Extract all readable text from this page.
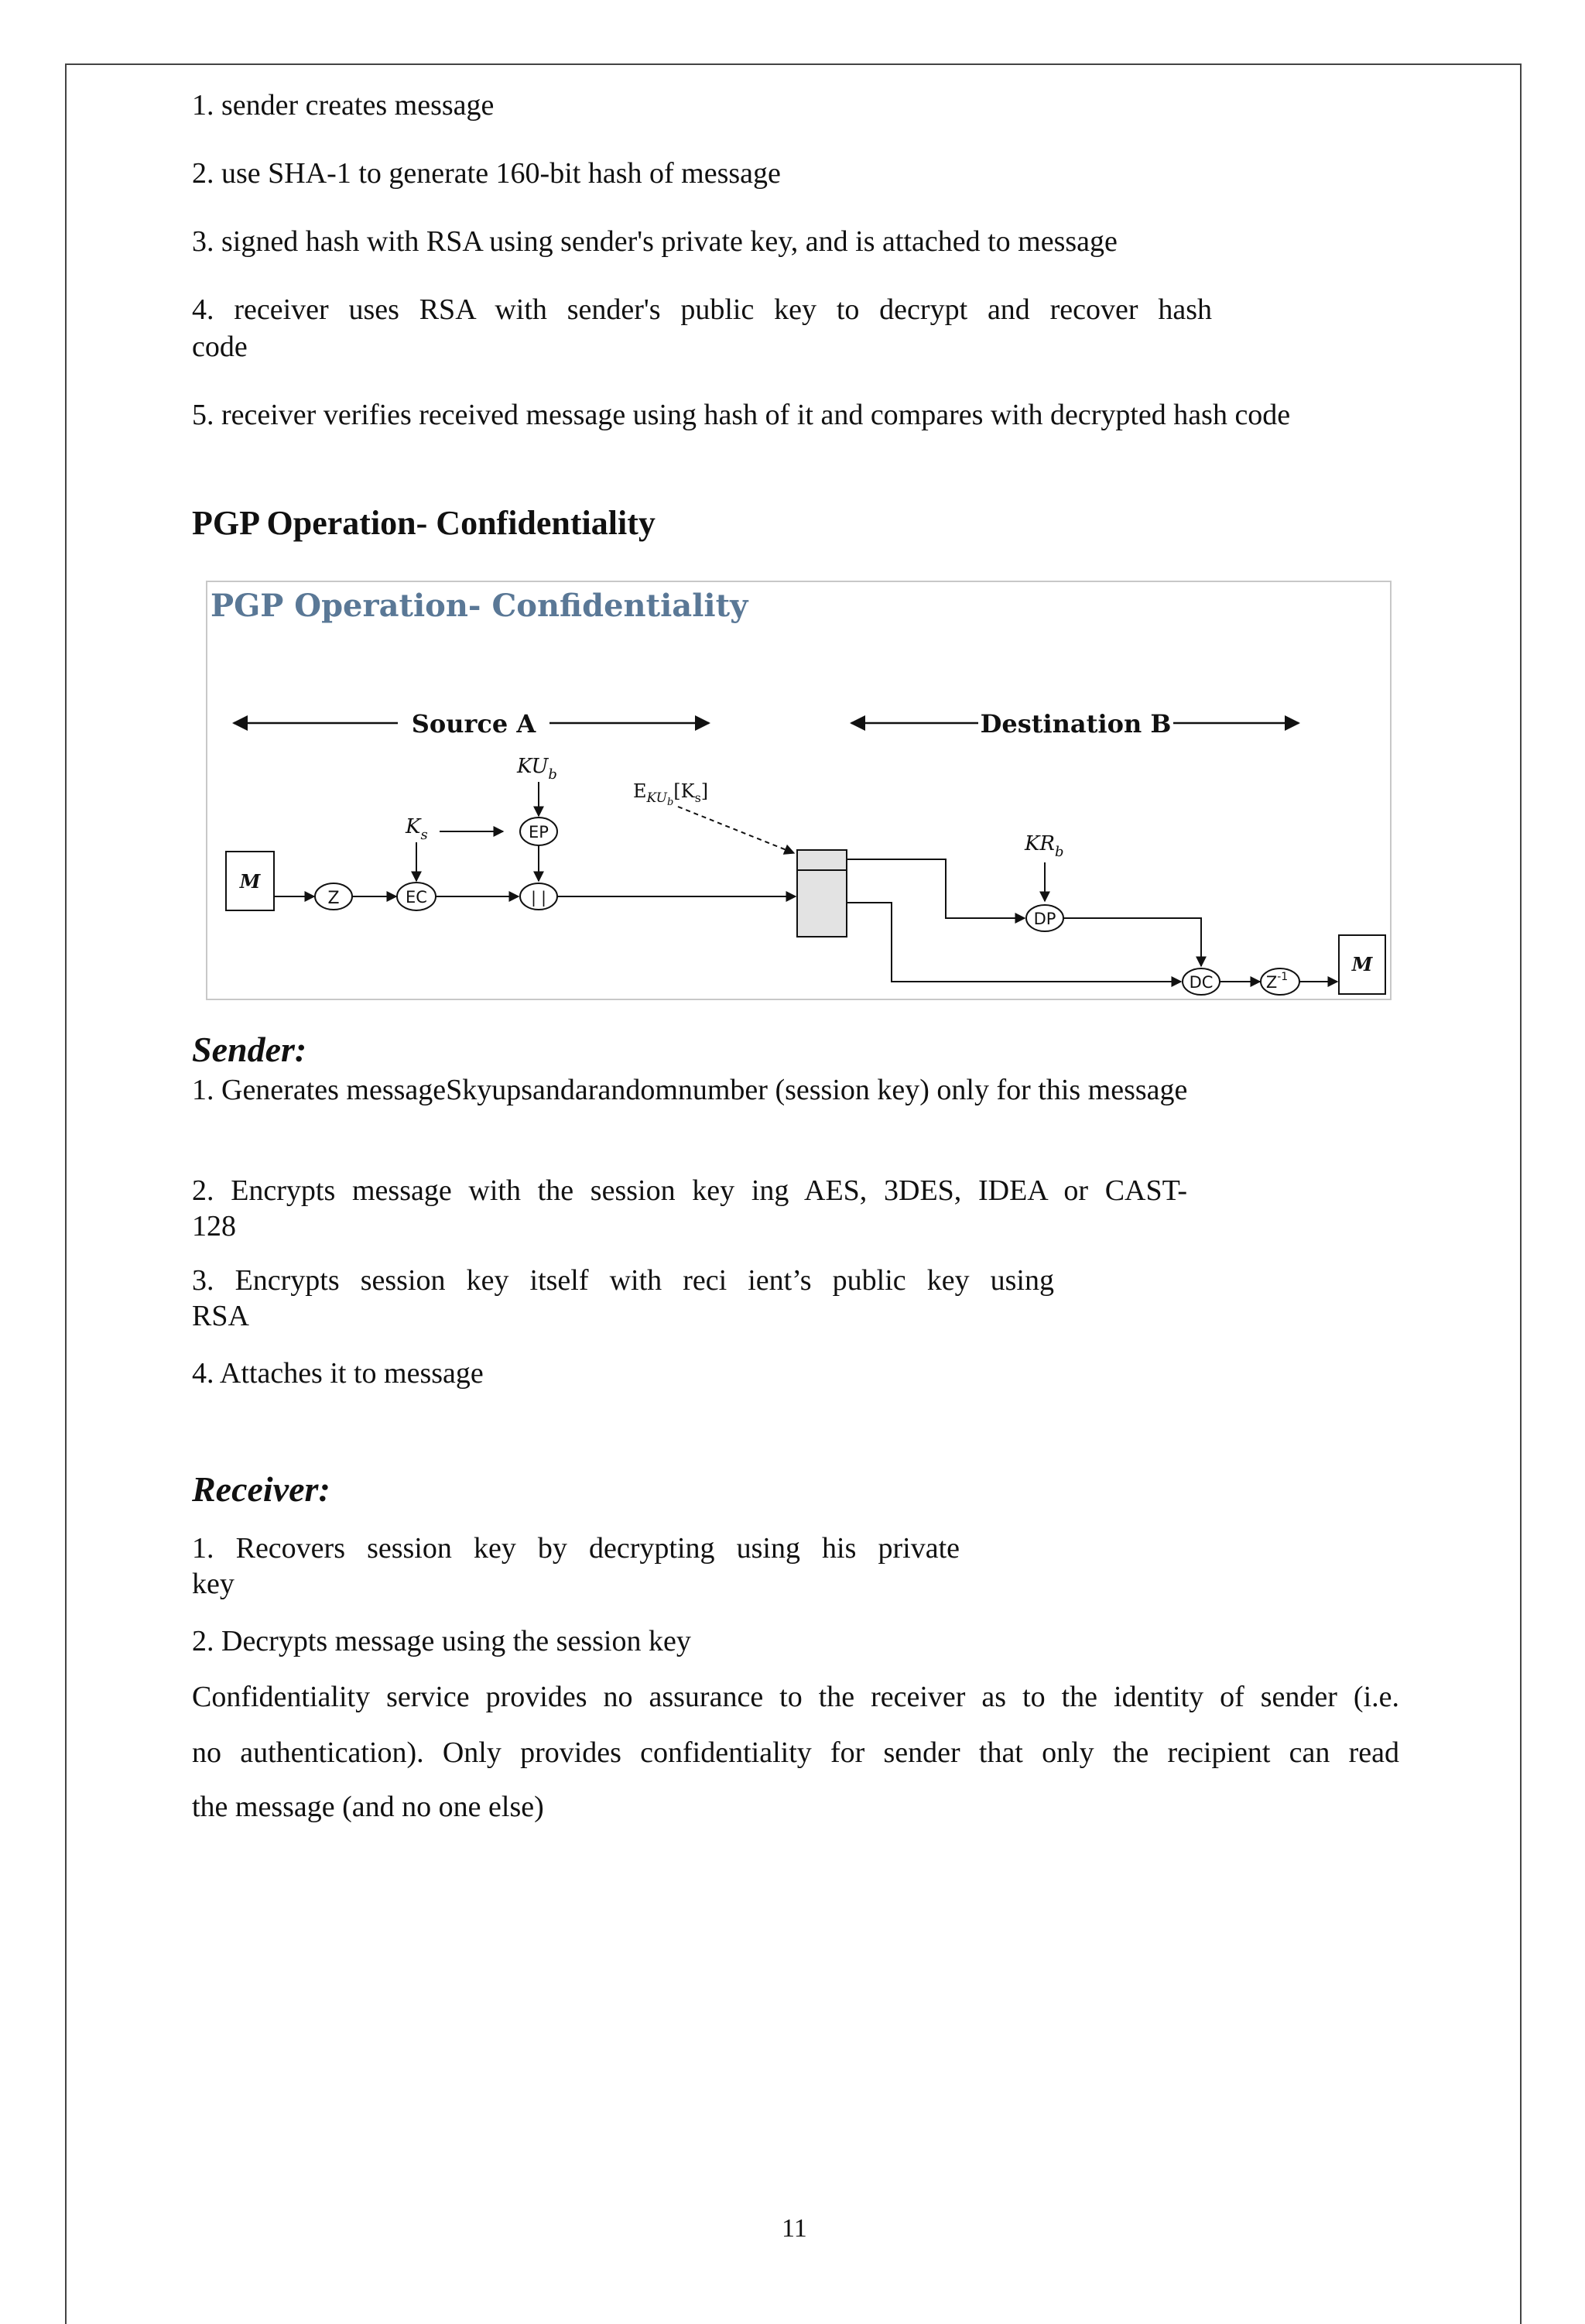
1. sender creates message
2. use SHA-1 to generate 160-bit hash of message
3. signed hash with RSA using sender's private key, and is attached to message
4. receiver uses RSA with sender's public key to decrypt and recover hash
code
5. receiver verifies received message using hash of it and compares with decrypted hash code
PGP Operation- Confidentiality
Sender:
1. Generates messageSkyupsandarandomnumber (session key) only for this message
2. Encrypts message with the session key ing AES, 3DES, IDEA or CAST-
128
3. Encrypts session key itself with reci ient’s public key using
RSA
4. Attaches it to message
Receiver:
1. Recovers session key by decrypting using his private
key
2. Decrypts message using the session key
Confidentiality service provides no assurance to the receiver as to the identity of sender (i.e.
no authentication). Only provides confidentiality for sender that only the recipient can read
the message (and no one else)
PGP Operation- Confidentiality
Source A	Destination B
M
Z	EC
$K_s$
$KU_b$
EP
| |
$E_{KU}b[K_s]$
$KR_b$
DP
DC	$Z^{-1}$
M
11
